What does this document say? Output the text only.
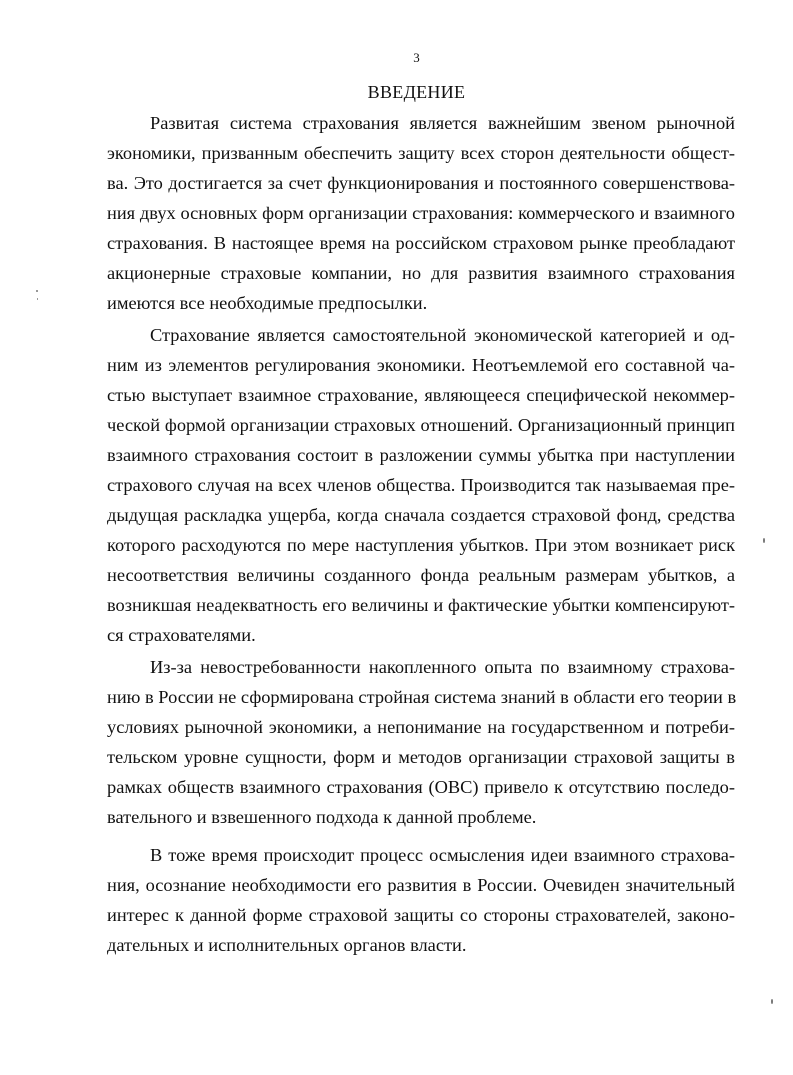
3
ВВЕДЕНИЕ
Развитая система страхования является важнейшим звеном рыночной
экономики, призванным обеспечить защиту всех сторон деятельности общест-
ва. Это достигается за счет функционирования и постоянного совершенствова-
ния двух основных форм организации страхования: коммерческого и взаимного
страхования. В настоящее время на российском страховом рынке преобладают
акционерные страховые компании, но для развития взаимного страхования
имеются все необходимые предпосылки.
Страхование является самостоятельной экономической категорией и од-
ним из элементов регулирования экономики. Неотъемлемой его составной ча-
стью выступает взаимное страхование, являющееся специфической некоммер-
ческой формой организации страховых отношений. Организационный принцип
взаимного страхования состоит в разложении суммы убытка при наступлении
страхового случая на всех членов общества. Производится так называемая пре-
дыдущая раскладка ущерба, когда сначала создается страховой фонд, средства
которого расходуются по мере наступления убытков. При этом возникает риск
несоответствия величины созданного фонда реальным размерам убытков, а
возникшая неадекватность его величины и фактические убытки компенсируют-
ся страхователями.
Из-за невостребованности накопленного опыта по взаимному страхова-
нию в России не сформирована стройная система знаний в области его теории в
условиях рыночной экономики, а непонимание на государственном и потреби-
тельском уровне сущности, форм и методов организации страховой защиты в
рамках обществ взаимного страхования (ОВС) привело к отсутствию последо-
вательного и взвешенного подхода к данной проблеме.
В тоже время происходит процесс осмысления идеи взаимного страхова-
ния, осознание необходимости его развития в России. Очевиден значительный
интерес к данной форме страховой защиты со стороны страхователей, законо-
дательных и исполнительных органов власти.
